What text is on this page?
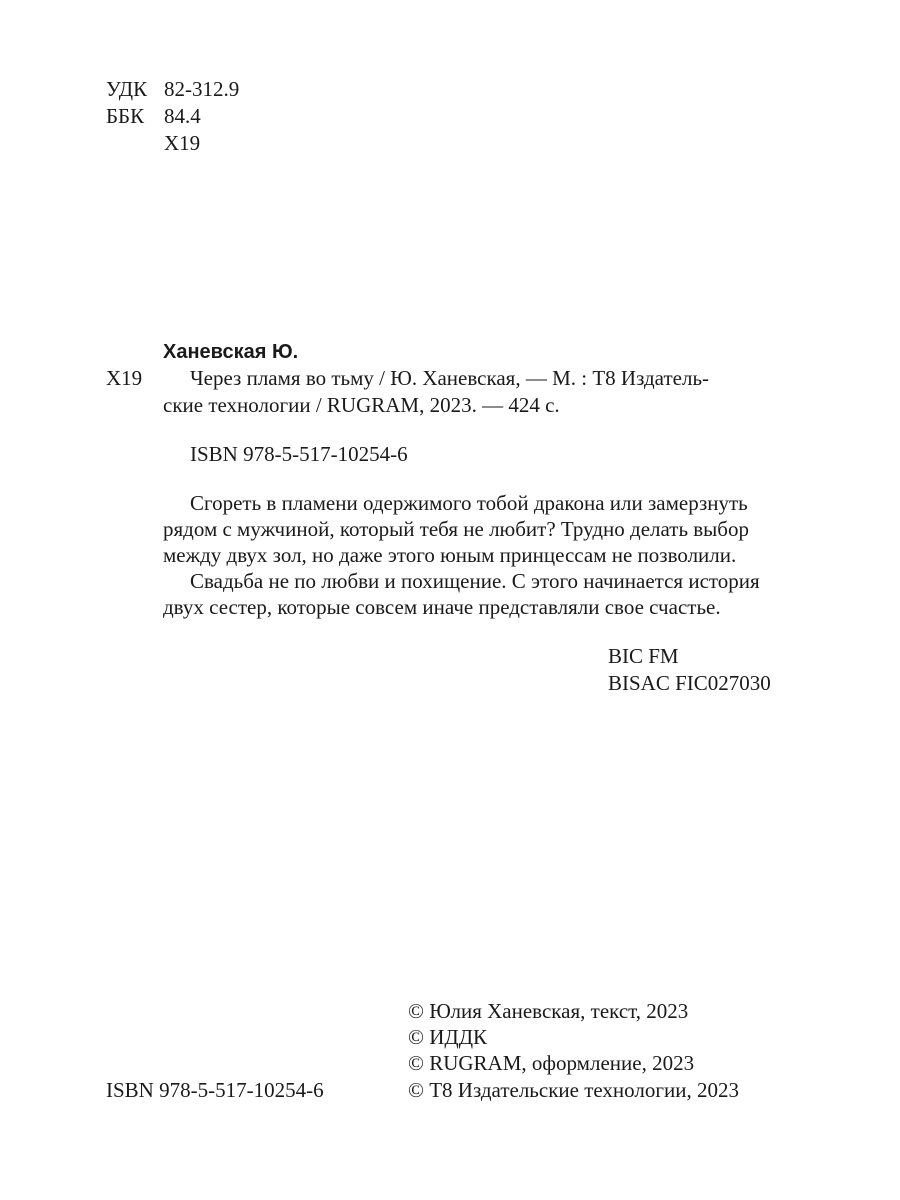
УДК 82-312.9
ББК 84.4
Х19
Ханевская Ю.
Х19 Через пламя во тьму / Ю. Ханевская, — М. : Т8 Издатель-
ские технологии / RUGRAM, 2023. — 424 с.
ISBN 978-5-517-10254-6
Сгореть в пламени одержимого тобой дракона или замерзнуть
рядом с мужчиной, который тебя не любит? Трудно делать выбор
между двух зол, но даже этого юным принцессам не позволили.
Свадьба не по любви и похищение. С этого начинается история
двух сестер, которые совсем иначе представляли свое счастье.
BIC FM
BISAC FIC027030
ISBN 978-5-517-10254-6
© Юлия Ханевская, текст, 2023
© ИДДК
© RUGRAM, оформление, 2023
© Т8 Издательские технологии, 2023
